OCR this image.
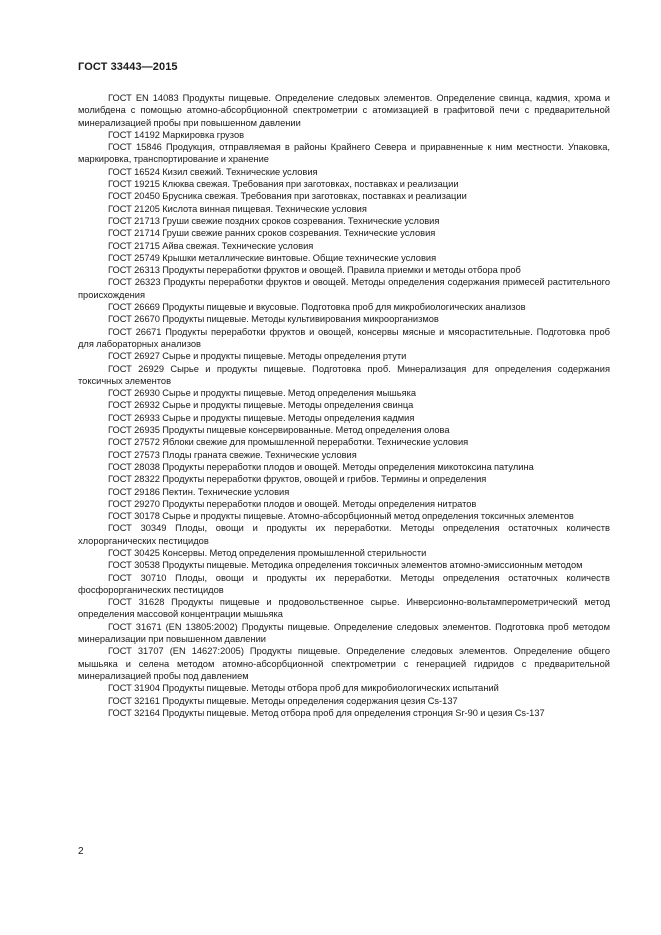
ГОСТ 33443—2015

ГОСТ EN 14083 Продукты пищевые. Определение следовых элементов. Определение свинца, кадмия, хрома и молибдена с помощью атомно-абсорбционной спектрометрии с атомизацией в графитовой печи с предварительной минерализацией пробы при повышенном давлении

ГОСТ 14192 Маркировка грузов

ГОСТ 15846 Продукция, отправляемая в районы Крайнего Севера и приравненные к ним местности. Упаковка, маркировка, транспортирование и хранение

ГОСТ 16524 Кизил свежий. Технические условия

ГОСТ 19215 Клюква свежая. Требования при заготовках, поставках и реализации

ГОСТ 20450 Брусника свежая. Требования при заготовках, поставках и реализации

ГОСТ 21205 Кислота винная пищевая. Технические условия

ГОСТ 21713 Груши свежие поздних сроков созревания. Технические условия

ГОСТ 21714 Груши свежие ранних сроков созревания. Технические условия

ГОСТ 21715 Айва свежая. Технические условия

ГОСТ 25749 Крышки металлические винтовые. Общие технические условия

ГОСТ 26313 Продукты переработки фруктов и овощей. Правила приемки и методы отбора проб

ГОСТ 26323 Продукты переработки фруктов и овощей. Методы определения содержания примесей растительного происхождения

ГОСТ 26669 Продукты пищевые и вкусовые. Подготовка проб для микробиологических анализов

ГОСТ 26670 Продукты пищевые. Методы культивирования микроорганизмов

ГОСТ 26671 Продукты переработки фруктов и овощей, консервы мясные и мясорастительные. Подготовка проб для лабораторных анализов

ГОСТ 26927 Сырье и продукты пищевые. Методы определения ртути

ГОСТ 26929 Сырье и продукты пищевые. Подготовка проб. Минерализация для определения содержания токсичных элементов

ГОСТ 26930 Сырье и продукты пищевые. Метод определения мышьяка

ГОСТ 26932 Сырье и продукты пищевые. Методы определения свинца

ГОСТ 26933 Сырье и продукты пищевые. Методы определения кадмия

ГОСТ 26935 Продукты пищевые консервированные. Метод определения олова

ГОСТ 27572 Яблоки свежие для промышленной переработки. Технические условия

ГОСТ 27573 Плоды граната свежие. Технические условия

ГОСТ 28038 Продукты переработки плодов и овощей. Методы определения микотоксина патулина

ГОСТ 28322 Продукты переработки фруктов, овощей и грибов. Термины и определения

ГОСТ 29186 Пектин. Технические условия

ГОСТ 29270 Продукты переработки плодов и овощей. Методы определения нитратов

ГОСТ 30178 Сырье и продукты пищевые. Атомно-абсорбционный метод определения токсичных элементов

ГОСТ 30349 Плоды, овощи и продукты их переработки. Методы определения остаточных количеств хлорорганических пестицидов

ГОСТ 30425 Консервы. Метод определения промышленной стерильности

ГОСТ 30538 Продукты пищевые. Методика определения токсичных элементов атомно-эмиссионным методом

ГОСТ 30710 Плоды, овощи и продукты их переработки. Методы определения остаточных количеств фосфорорганических пестицидов

ГОСТ 31628 Продукты пищевые и продовольственное сырье. Инверсионно-вольтамперометрический метод определения массовой концентрации мышьяка

ГОСТ 31671 (EN 13805:2002) Продукты пищевые. Определение следовых элементов. Подготовка проб методом минерализации при повышенном давлении

ГОСТ 31707 (EN 14627:2005) Продукты пищевые. Определение следовых элементов. Определение общего мышьяка и селена методом атомно-абсорбционной спектрометрии с генерацией гидридов с предварительной минерализацией пробы под давлением

ГОСТ 31904 Продукты пищевые. Методы отбора проб для микробиологических испытаний

ГОСТ 32161 Продукты пищевые. Методы определения содержания цезия Cs-137

ГОСТ 32164 Продукты пищевые. Метод отбора проб для определения стронция Sr-90 и цезия Cs-137

2
